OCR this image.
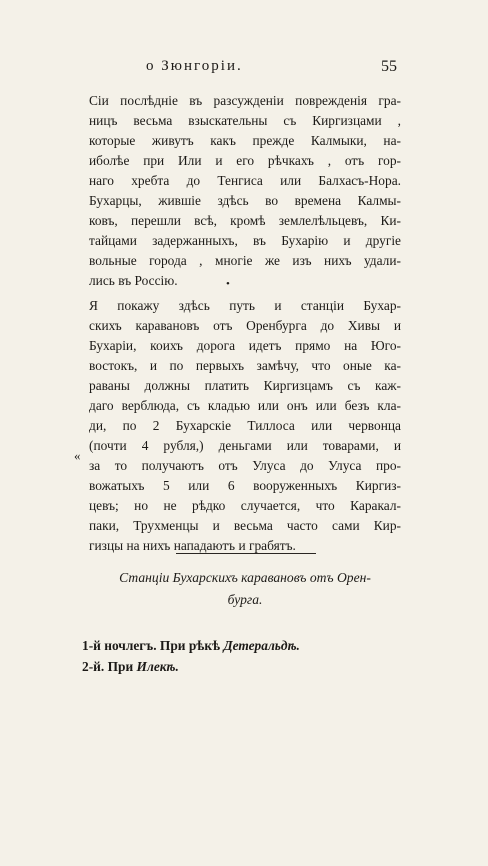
о Зюнгоріи.	55
Сіи послѣдніе въ разсужденіи поврежденія гра-
ницъ весьма взыскательны съ Киргизцами ,
которые живутъ какъ прежде Калмыки, на-
иболѣе при Или и его рѣчкахъ , отъ гор-
наго хребта до Тенгиса или Балхасъ-Нора.
Бухарцы, жившіе здѣсь во времена Калмы-
ковъ, перешли всѣ, кромѣ землелѣльцевъ, Ки-
тайцами задержанныхъ, въ Бухарію и другіе
вольные города , многіе же изъ нихъ удали-
лись въ Россію.	•
Я покажу здѣсь путь и станціи Бухар-
скихъ каравановъ отъ Оренбурга до Хивы и
Бухаріи, коихъ дорога идетъ прямо на Юго-
востокъ, и по первыхъ замѣчу, что оные ка-
раваны должны платить Киргизцамъ съ каж-
даго верблюда, съ кладью или онъ или безъ кла-
ди, по 2 Бухарскіе Тиллоса или червонца
(почти 4 рубля,) деньгами или товарами, и
за то получаютъ отъ Улуса до Улуса про-
вожатыхъ 5 или 6 вооруженныхъ Киргиз-
цевъ; но не рѣдко случается, что Каракал-
паки, Трухменцы и весьма часто сами Кир-
гизцы на нихъ нападаютъ и грабятъ.
«
Станціи Бухарскихъ каравановъ отъ Орен-
бурга.
1-й ночлегъ. При рѣкѣ Детеральдѣ.
2-й. При Илекѣ.
